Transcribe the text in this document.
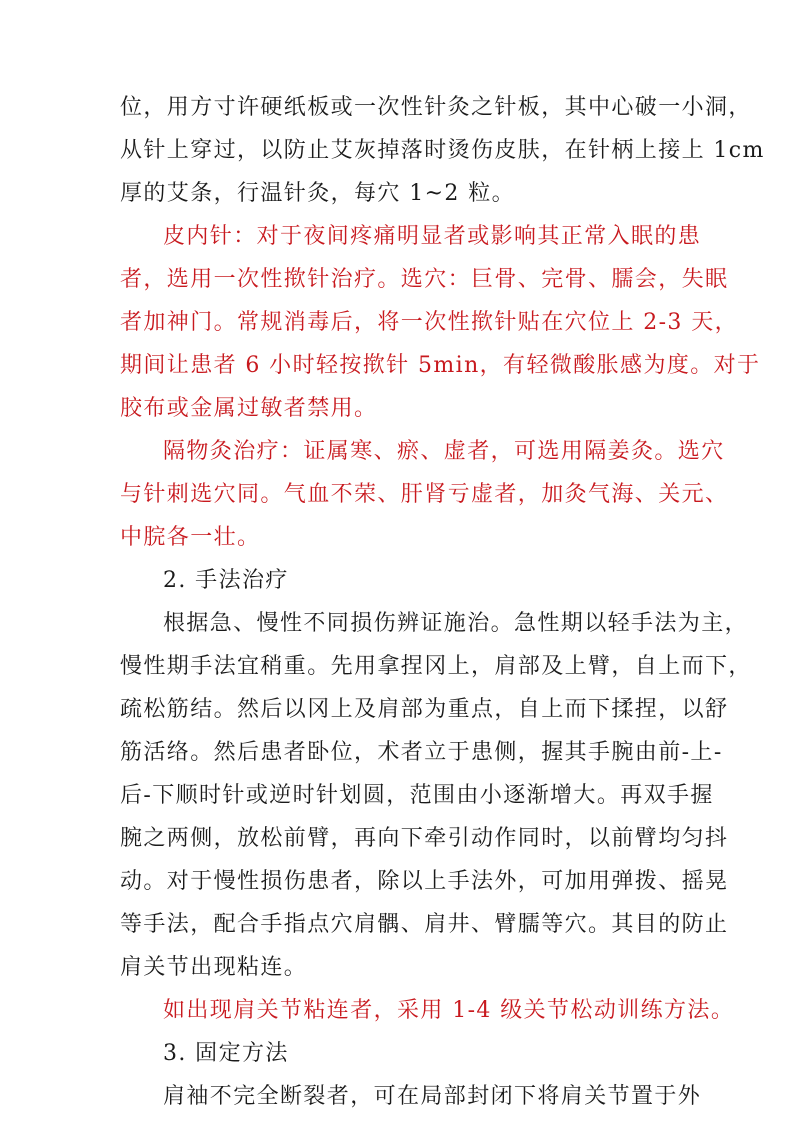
位，用方寸许硬纸板或一次性针灸之针板，其中心破一小洞，
从针上穿过，以防止艾灰掉落时烫伤皮肤，在针柄上接上 1cm
厚的艾条，行温针灸，每穴 1~2 粒。
皮内针：对于夜间疼痛明显者或影响其正常入眠的患
者，选用一次性揿针治疗。选穴：巨骨、完骨、臑会，失眠
者加神门。常规消毒后，将一次性揿针贴在穴位上 2-3 天，
期间让患者 6 小时轻按揿针 5min，有轻微酸胀感为度。对于
胶布或金属过敏者禁用。
隔物灸治疗：证属寒、瘀、虚者，可选用隔姜灸。选穴
与针刺选穴同。气血不荣、肝肾亏虚者，加灸气海、关元、
中脘各一壮。
2. 手法治疗
根据急、慢性不同损伤辨证施治。急性期以轻手法为主，
慢性期手法宜稍重。先用拿捏冈上，肩部及上臂，自上而下，
疏松筋结。然后以冈上及肩部为重点，自上而下揉捏，以舒
筋活络。然后患者卧位，术者立于患侧，握其手腕由前-上-
后-下顺时针或逆时针划圆，范围由小逐渐增大。再双手握
腕之两侧，放松前臂，再向下牵引动作同时，以前臂均匀抖
动。对于慢性损伤患者，除以上手法外，可加用弹拨、摇晃
等手法，配合手指点穴肩髃、肩井、臂臑等穴。其目的防止
肩关节出现粘连。
如出现肩关节粘连者，采用 1-4 级关节松动训练方法。
3. 固定方法
肩袖不完全断裂者，可在局部封闭下将肩关节置于外
